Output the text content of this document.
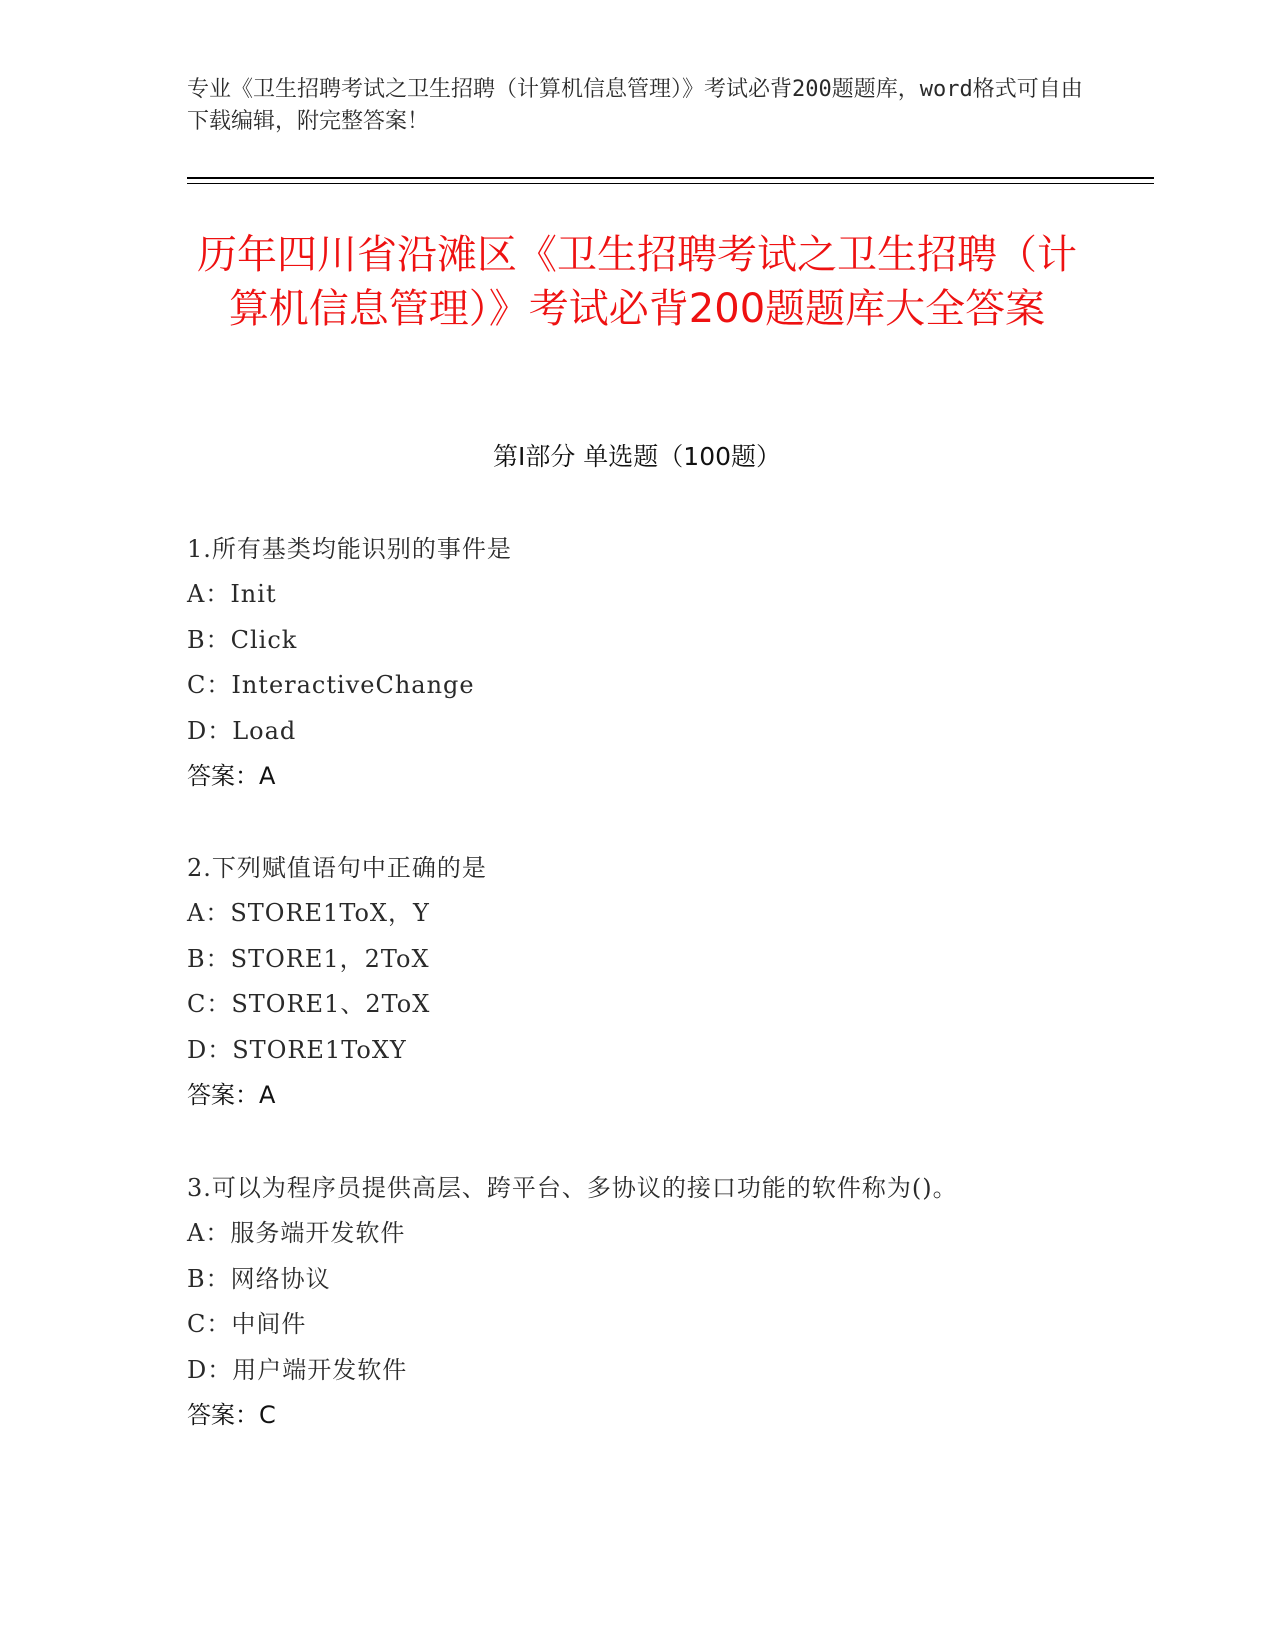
专业《卫生招聘考试之卫生招聘（计算机信息管理）》考试必背200题题库，word格式可自由下载编辑，附完整答案！
历年四川省沿滩区《卫生招聘考试之卫生招聘（计算机信息管理）》考试必背200题题库大全答案
第Ⅰ部分 单选题（100题）
1.所有基类均能识别的事件是
A：Init
B：Click
C：InteractiveChange
D：Load
答案：A
2.下列赋值语句中正确的是
A：STORE1ToX，Y
B：STORE1，2ToX
C：STORE1、2ToX
D：STORE1ToXY
答案：A
3.可以为程序员提供高层、跨平台、多协议的接口功能的软件称为()。
A：服务端开发软件
B：网络协议
C：中间件
D：用户端开发软件
答案：C
